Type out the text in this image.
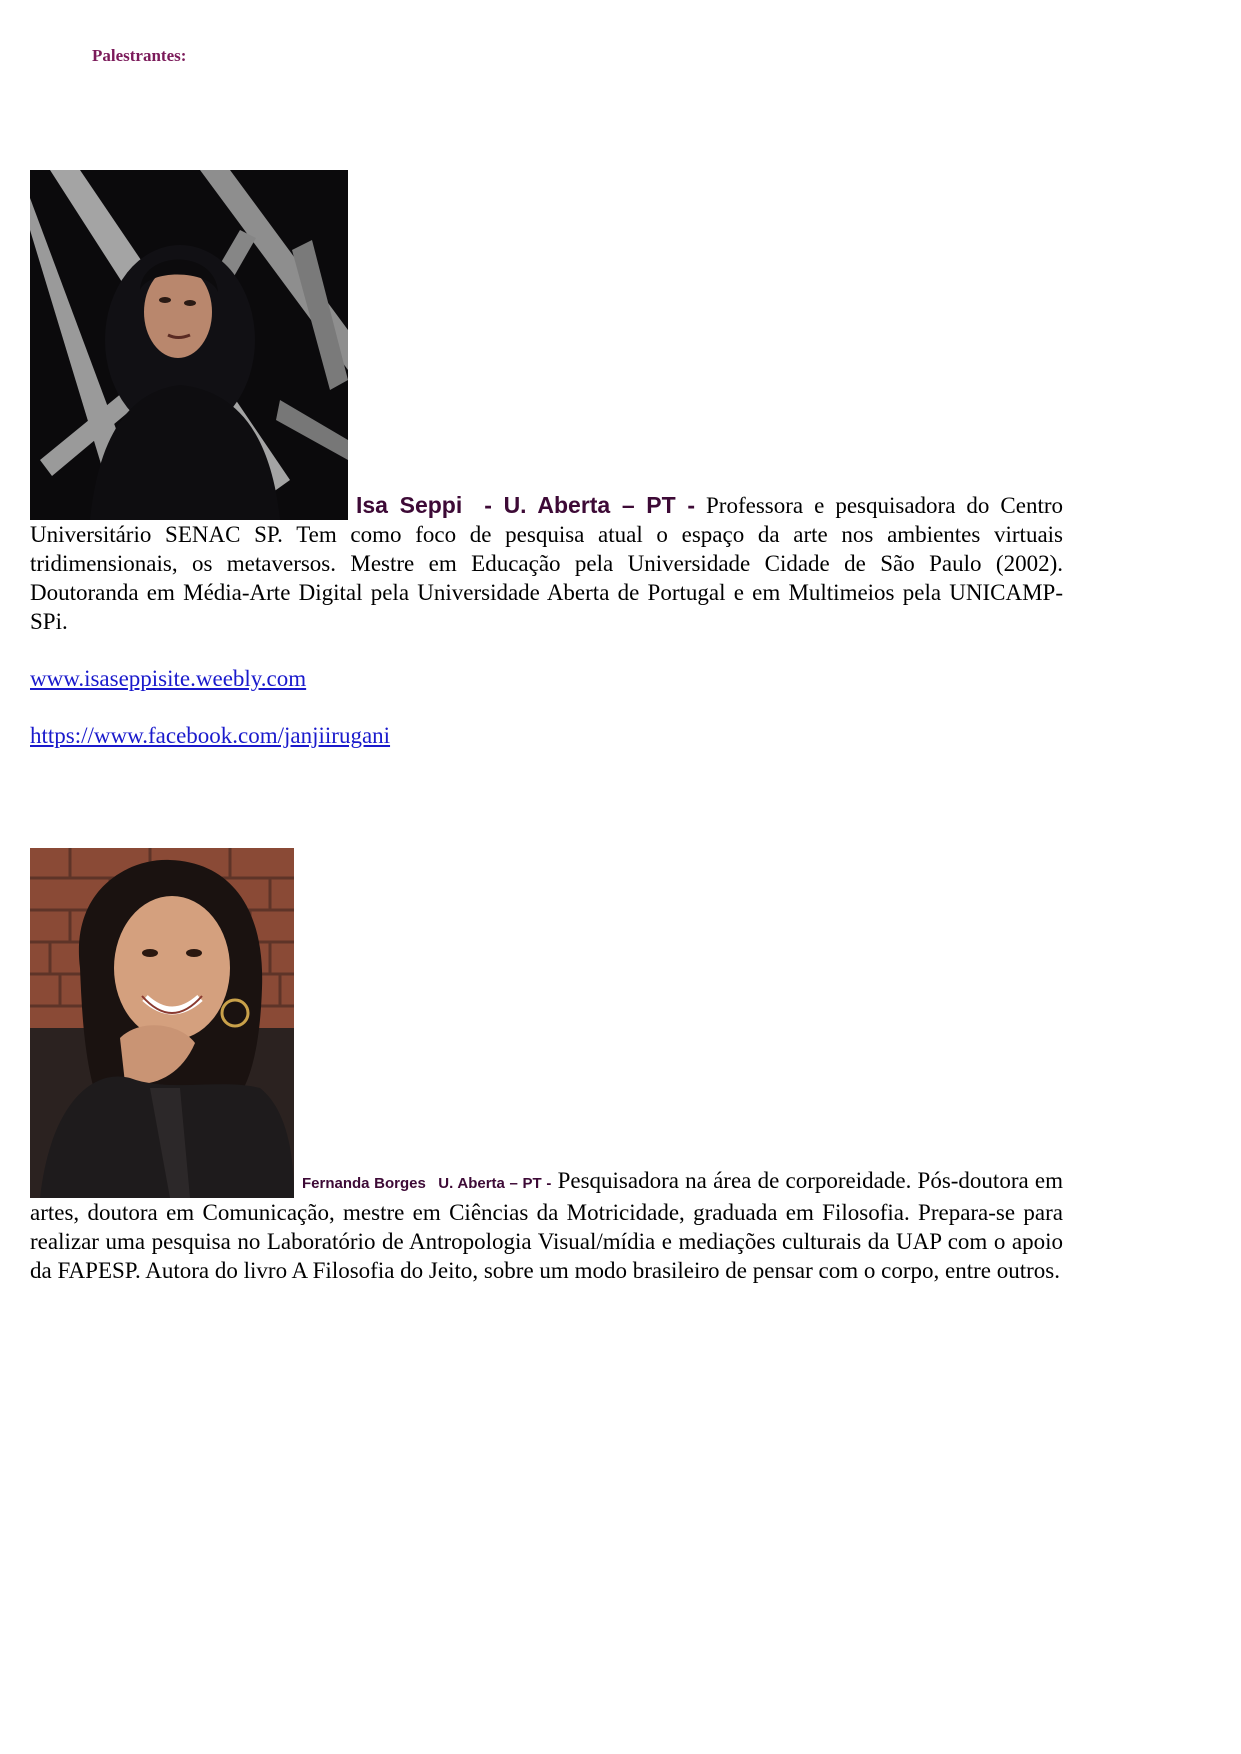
Palestrantes:

Isa Seppi - U. Aberta – PT - Professora e pesquisadora do Centro Universitário SENAC SP. Tem como foco de pesquisa atual o espaço da arte nos ambientes virtuais tridimensionais, os metaversos. Mestre em Educação pela Universidade Cidade de São Paulo (2002). Doutoranda em Média-Arte Digital pela Universidade Aberta de Portugal e em Multimeios pela UNICAMP- SPi.

www.isaseppisite.weebly.com

https://www.facebook.com/janjiirugani

Fernanda Borges U. Aberta – PT - Pesquisadora na área de corporeidade. Pós-doutora em artes, doutora em Comunicação, mestre em Ciências da Motricidade, graduada em Filosofia. Prepara-se para realizar uma pesquisa no Laboratório de Antropologia Visual/mídia e mediações culturais da UAP com o apoio da FAPESP. Autora do livro A Filosofia do Jeito, sobre um modo brasileiro de pensar com o corpo, entre outros.
